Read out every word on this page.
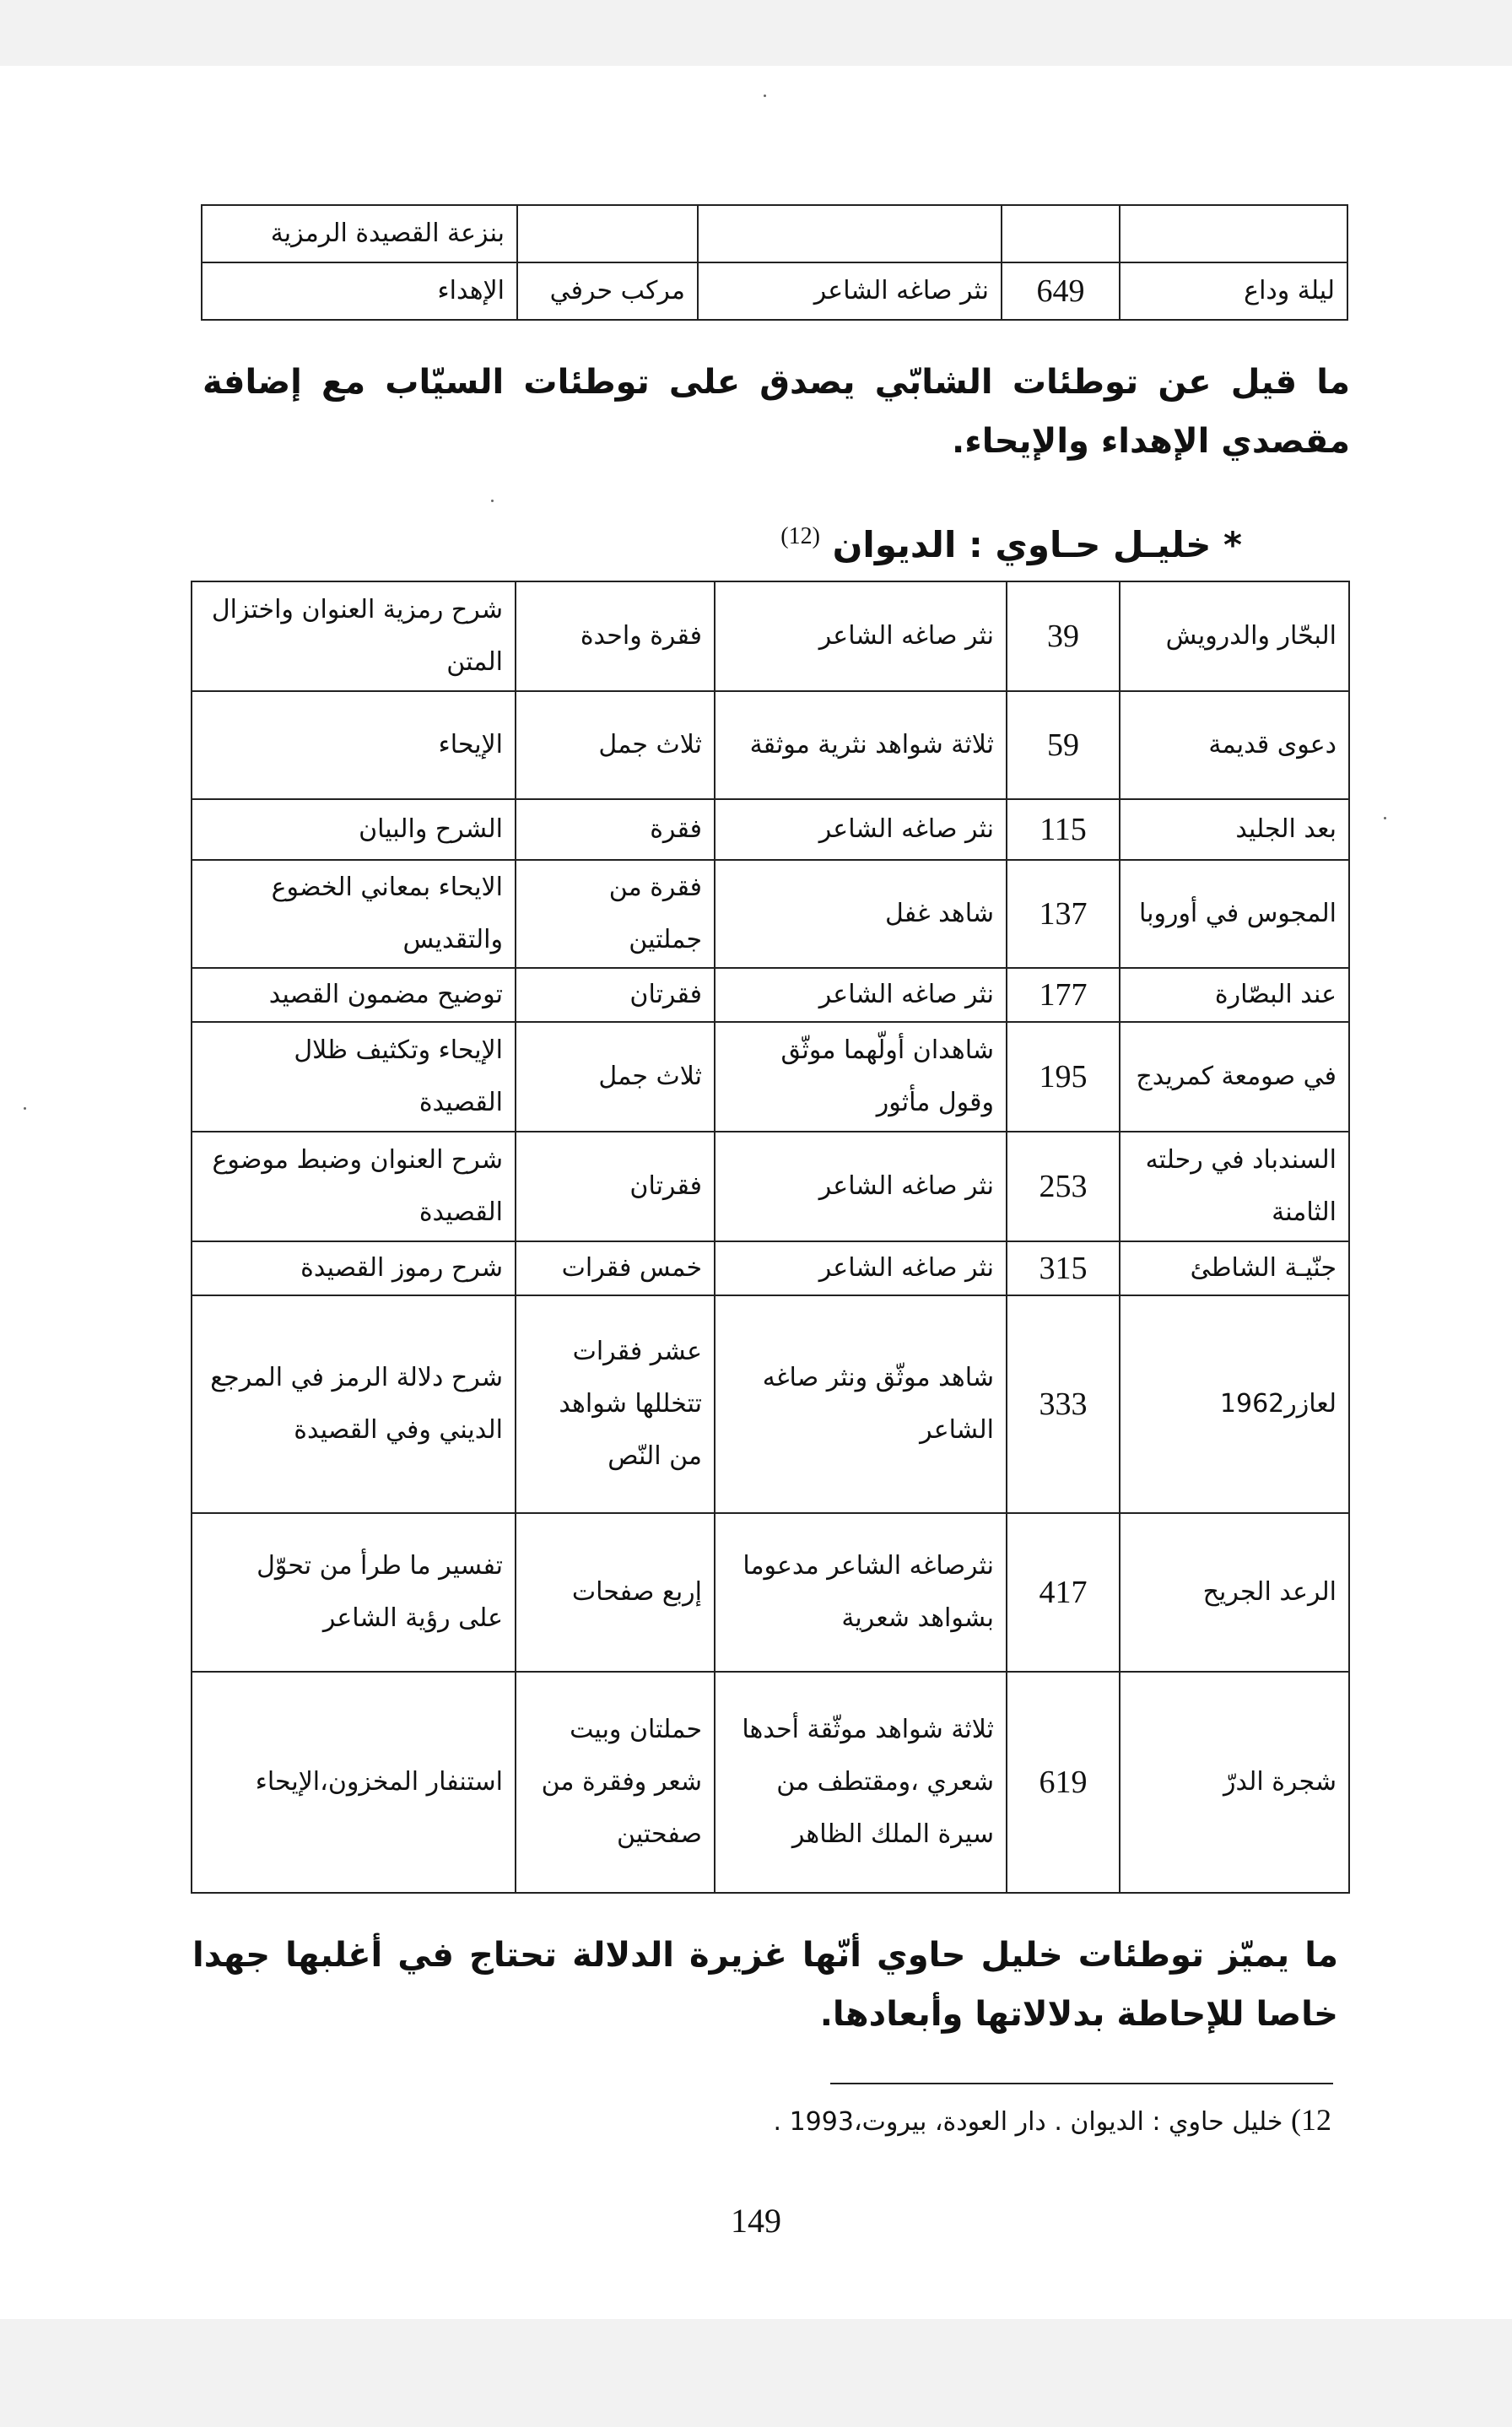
				بنزعة القصيدة الرمزية
ليلة وداع	649	نثر صاغه الشاعر	مركب حرفي	الإهداء
ما قيل عن توطئات الشابّي يصدق على توطئات السيّاب مع إضافة مقصدي الإهداء والإيحاء.
* خليـل حـاوي : الديوان $^{(12)}$
البحّار والدرويش	39	نثر صاغه الشاعر	فقرة واحدة	شرح رمزية العنوان واختزال المتن
دعوى قديمة	59	ثلاثة شواهد نثرية موثقة	ثلاث جمل	الإيحاء
بعد الجليد	115	نثر صاغه الشاعر	فقرة	الشرح والبيان
المجوس في أوروبا	137	شاهد غفل	فقرة من جملتين	الايحاء بمعاني الخضوع والتقديس
عند البصّارة	177	نثر صاغه الشاعر	فقرتان	توضيح مضمون القصيد
في صومعة كمريدج	195	شاهدان أولّهما موثّق وقول مأثور	ثلاث جمل	الإيحاء وتكثيف ظلال القصيدة
السندباد في رحلته الثامنة	253	نثر صاغه الشاعر	فقرتان	شرح العنوان وضبط موضوع القصيدة
جنّيـة الشاطئ	315	نثر صاغه الشاعر	خمس فقرات	شرح رموز القصيدة
لعازر1962	333	شاهد موثّق ونثر صاغه الشاعر	عشر فقرات تتخللها شواهد من النّص	شرح دلالة الرمز في المرجع الديني وفي القصيدة
الرعد الجريح	417	نثرصاغه الشاعر مدعوما بشواهد شعرية	إربع صفحات	تفسير ما طرأ من تحوّل على رؤية الشاعر
شجرة الدرّ	619	ثلاثة شواهد موثّقة أحدها شعري ،ومقتطف من سيرة الملك الظاهر	حملتان وبيت شعر وفقرة من صفحتين	استنفار المخزون،الإيحاء
ما يميّز توطئات خليل حاوي أنّها غزيرة الدلالة تحتاج في أغلبها جهدا خاصا للإحاطة بدلالاتها وأبعادها.
12) خليل حاوي : الديوان . دار العودة، بيروت،1993 .
149
